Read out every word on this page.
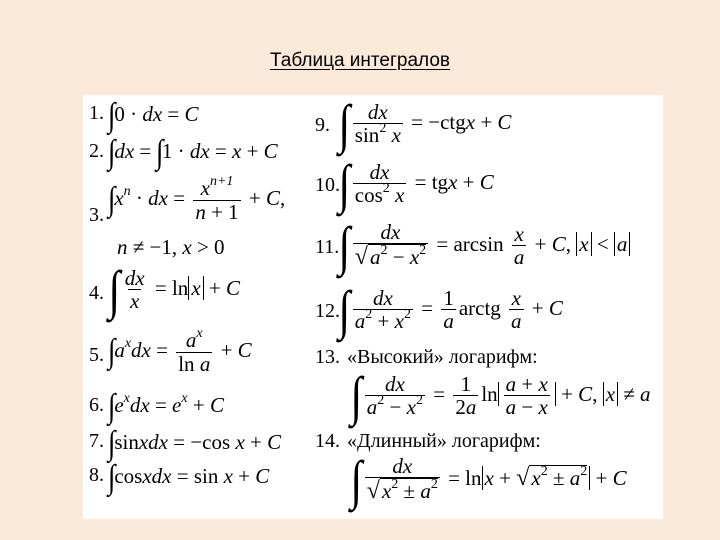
Таблица интегралов
1. ∫0 · dx = C
2. ∫dx = ∫1 · dx = x + C
3. $\int x^n$ · dx = $\frac{x^{n+1}}{n + 1} + C$,
n ≠ −1, x > 0
4. ∫ $\frac{dx}{x} = \ln x + C$
5. $\int a^xdx = \frac{a^x}{\text{ln a}} + C$
6. $\int e^xdx = e^x + C$
7. ∫sinxdx = −cos x + C
8. ∫cosxdx = sin x + C
9. ∫ $\frac{dx}{\sin^2 x}$ = −ctgx + C
10.
∫ $\frac{dx}{\cos^2 x}$ = tgx + C
11. ∫ $\frac{dx}{√a^2 - x^2} = \arcsin \frac{x}{a} + C$, x < a
12.
∫ $\frac{dx}{a^2 + x^2} = \frac{1}{a}$ arctg $\frac{x}{a} + C$
13. «Высокий» логарифм:
∫ $\frac{dx}{a^2 - x^2} = \frac{1}{2a}$ $\ln \frac{a + x}{a - x} + C$, x ≠ a
14. «Длинный» логарифм:
∫ $\frac{dx}{√x^2 \pm a^2} = \ln x + √x^2 \pm a^2 + C$
